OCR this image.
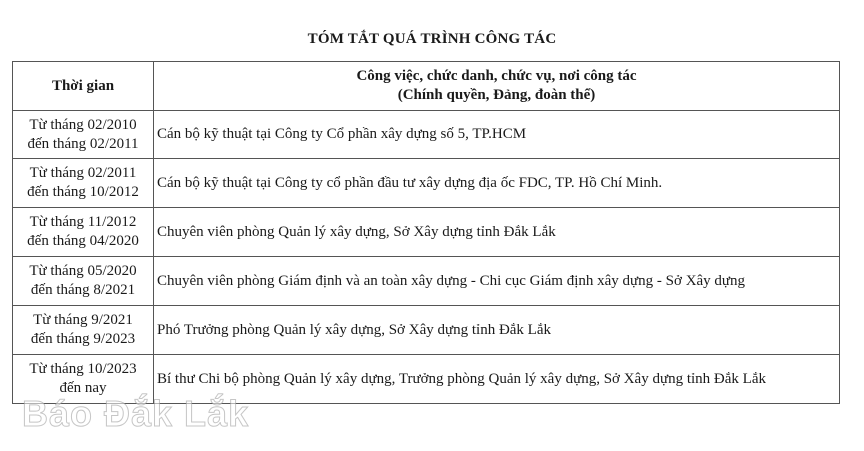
TÓM TẮT QUÁ TRÌNH CÔNG TÁC
Thời gian	Công việc, chức danh, chức vụ, nơi công tác
(Chính quyền, Đảng, đoàn thể)

Từ tháng 02/2010
đến tháng 02/2011	Cán bộ kỹ thuật tại Công ty Cổ phần xây dựng số 5, TP.HCM

Từ tháng 02/2011
đến tháng 10/2012	Cán bộ kỹ thuật tại Công ty cổ phần đầu tư xây dựng địa ốc FDC, TP. Hồ Chí Minh.

Từ tháng 11/2012
đến tháng 04/2020	Chuyên viên phòng Quản lý xây dựng, Sở Xây dựng tỉnh Đắk Lắk

Từ tháng 05/2020
đến tháng 8/2021	Chuyên viên phòng Giám định và an toàn xây dựng - Chi cục Giám định xây dựng - Sở Xây dựng

Từ tháng 9/2021
đến tháng 9/2023	Phó Trưởng phòng Quản lý xây dựng, Sở Xây dựng tỉnh Đắk Lắk

Từ tháng 10/2023
đến nay	Bí thư Chi bộ phòng Quản lý xây dựng, Trưởng phòng Quản lý xây dựng, Sở Xây dựng tỉnh Đắk Lắk
Báo Đắk Lắk
